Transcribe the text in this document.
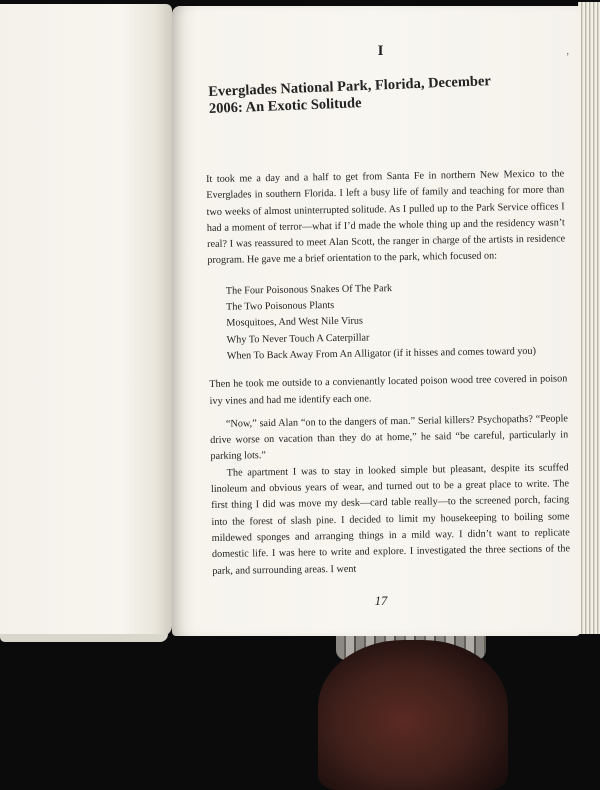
I	’
Everglades National Park, Florida, December
2006: An Exotic Solitude

It took me a day and a half to get from Santa Fe in northern New Mexico to the Everglades in southern Florida. I left a busy life of family and teaching for more than two weeks of almost uninterrupted solitude. As I pulled up to the Park Service offices I had a moment of terror—what if I’d made the whole thing up and the residency wasn’t real? I was reassured to meet Alan Scott, the ranger in charge of the artists in residence program. He gave me a brief orientation to the park, which focused on:

The Four Poisonous Snakes Of The Park
The Two Poisonous Plants
Mosquitoes, And West Nile Virus
Why To Never Touch A Caterpillar
When To Back Away From An Alligator (if it hisses and comes toward you)

Then he took me outside to a convienantly located poison wood tree covered in poison ivy vines and had me identify each one.

“Now,” said Alan “on to the dangers of man.” Serial killers? Psychopaths? “People drive worse on vacation than they do at home,” he said “be careful, particularly in parking lots.”

The apartment I was to stay in looked simple but pleasant, despite its scuffed linoleum and obvious years of wear, and turned out to be a great place to write. The first thing I did was move my desk—card table really—to the screened porch, facing into the forest of slash pine. I decided to limit my housekeeping to boiling some mildewed sponges and arranging things in a mild way. I didn’t want to replicate domestic life. I was here to write and explore. I investigated the three sections of the park, and surrounding areas. I went

17
